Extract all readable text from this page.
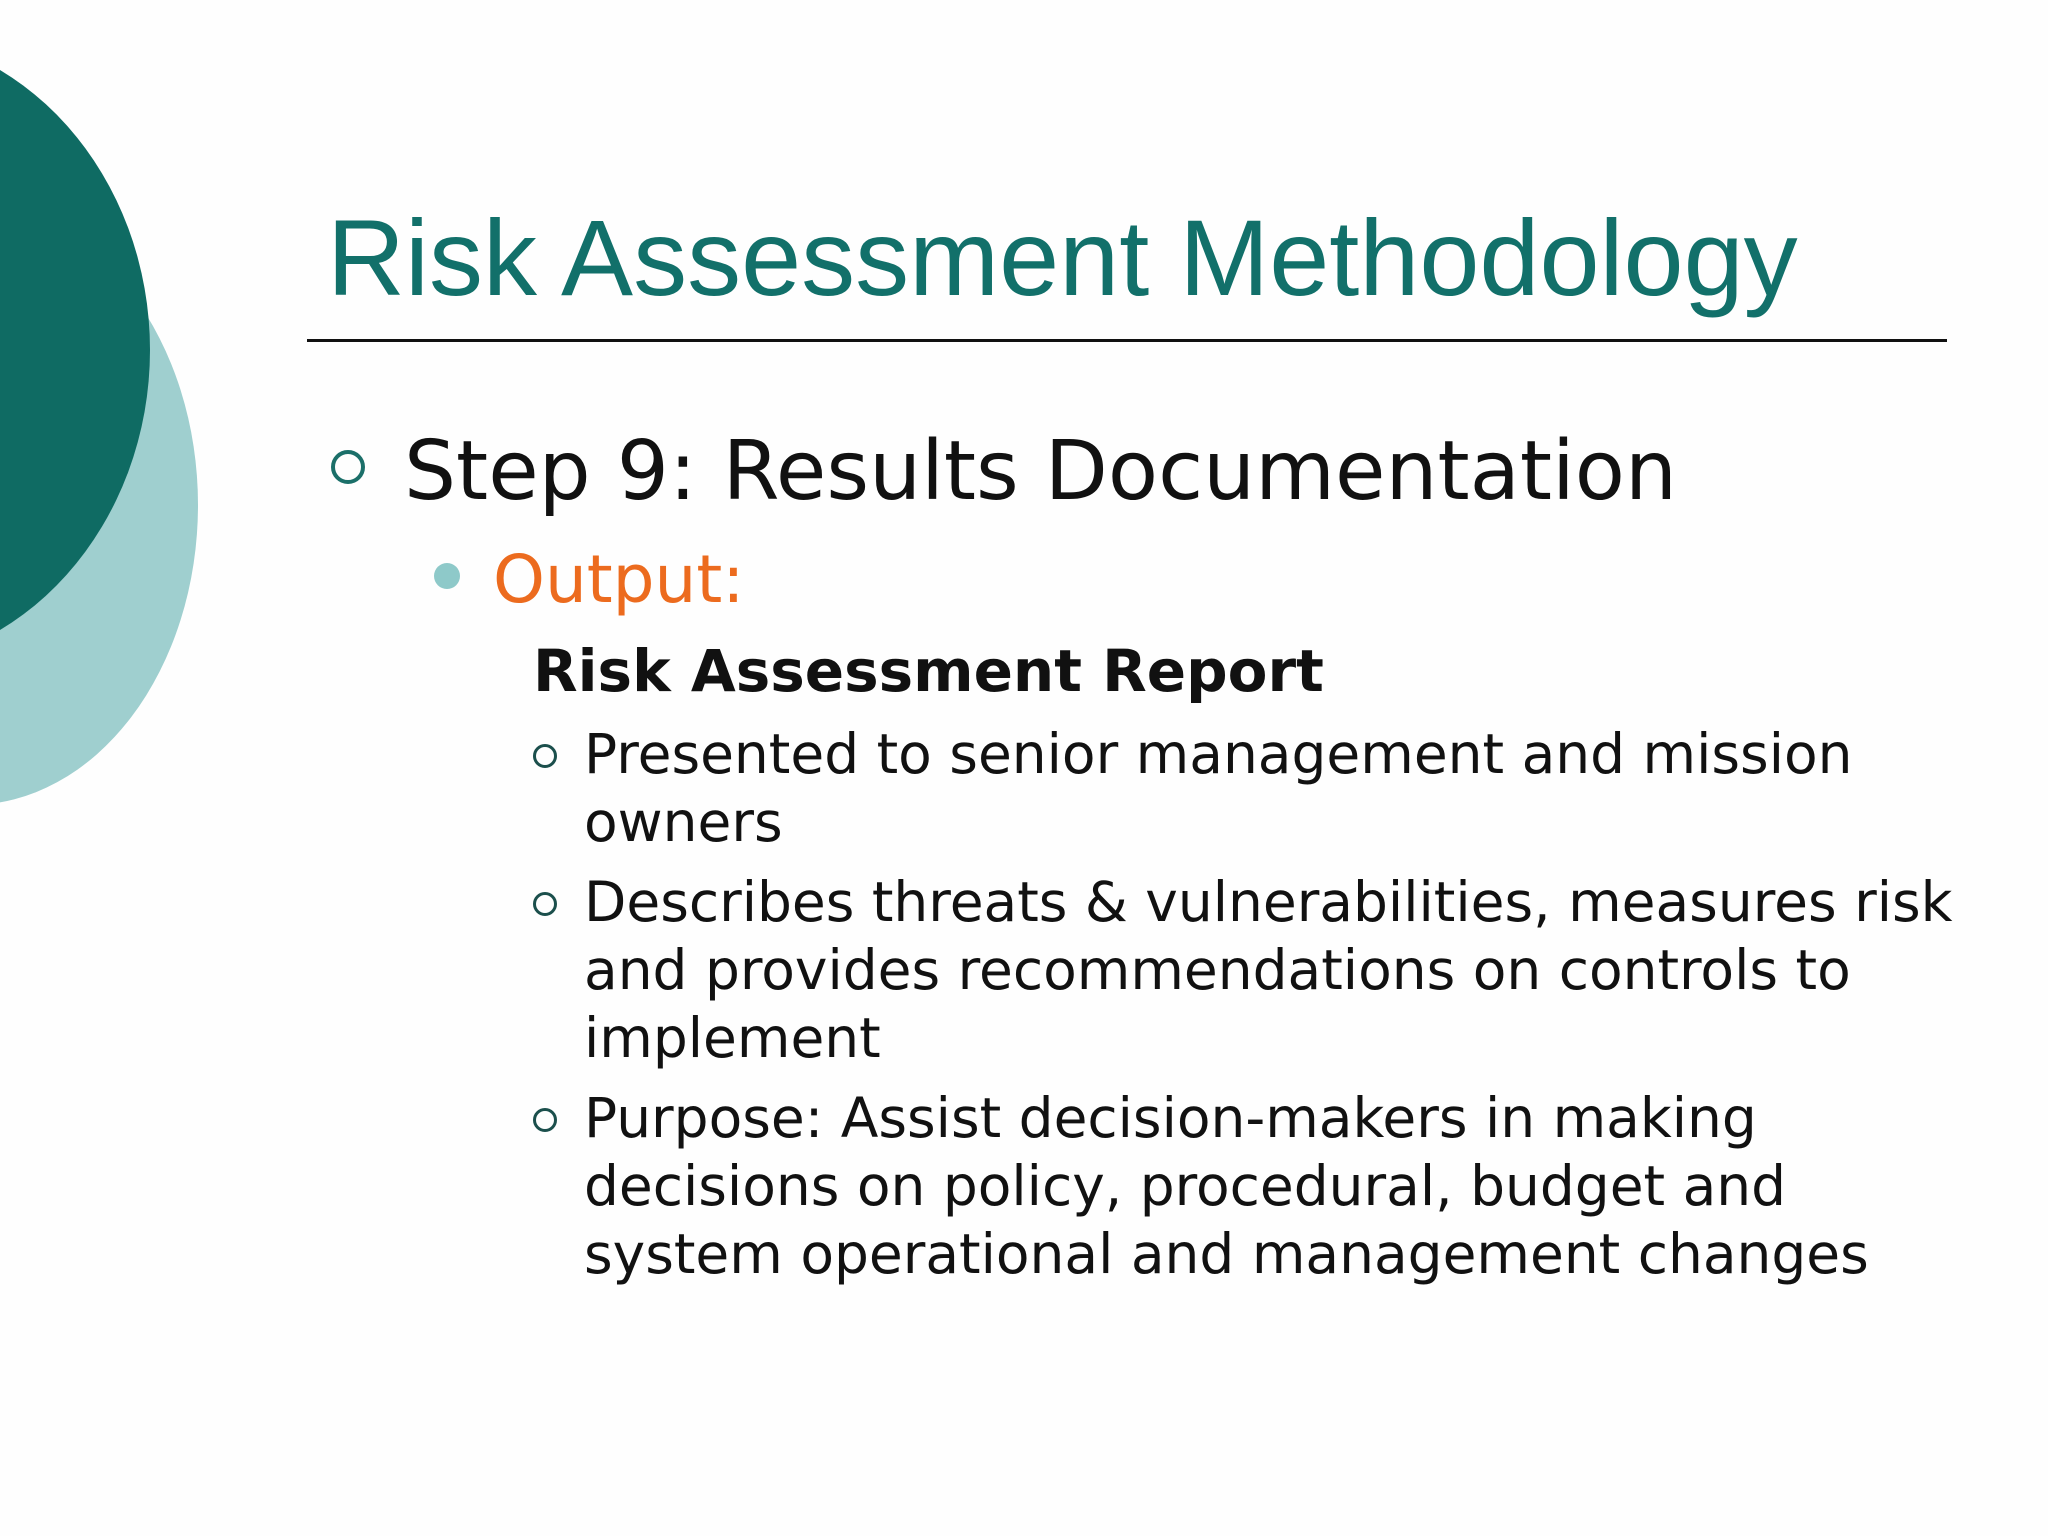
Risk Assessment Methodology

Step 9: Results Documentation

Output:

Risk Assessment Report

Presented to senior management and mission owners
Describes threats & vulnerabilities, measures risk and provides recommendations on controls to implement
Purpose: Assist decision-makers in making decisions on policy, procedural, budget and system operational and management changes
